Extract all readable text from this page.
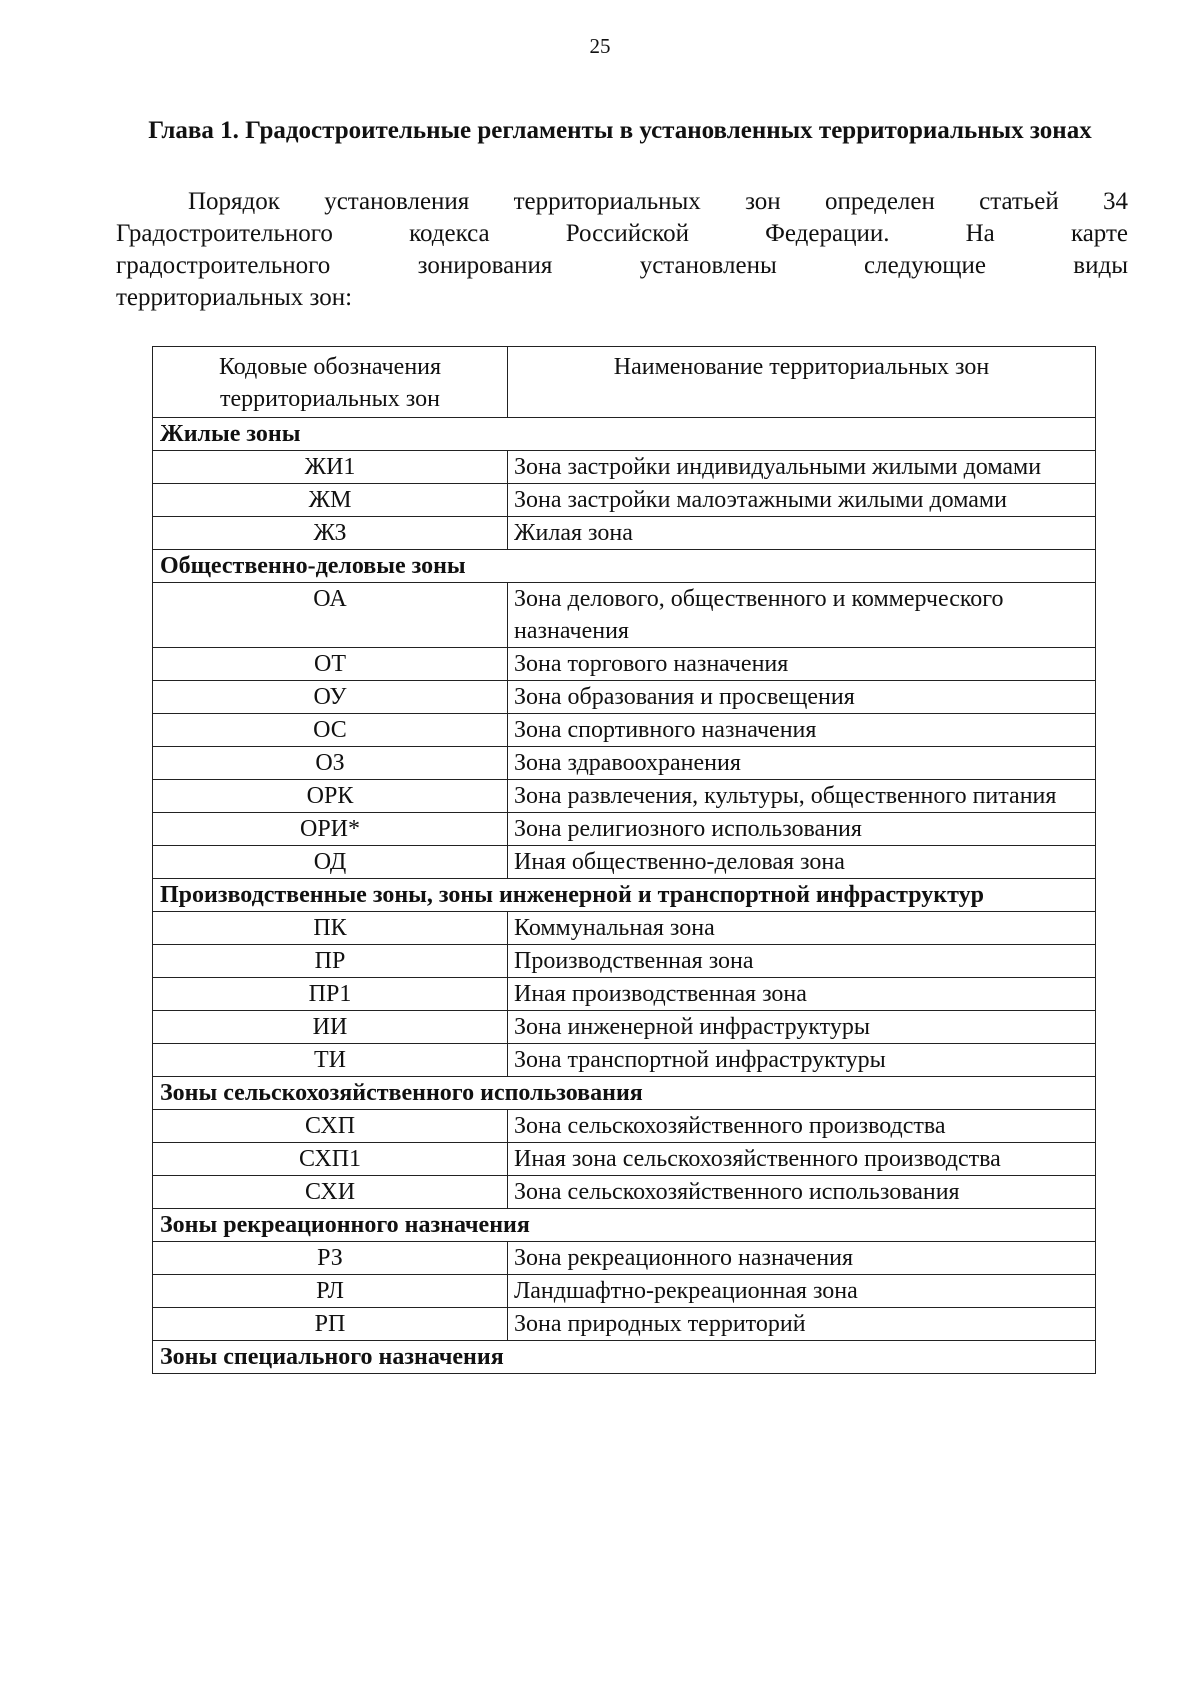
25
Глава 1. Градостроительные регламенты в установленных территориальных зонах
Порядок установления территориальных зон определен статьей 34
Градостроительного кодекса Российской Федерации. На карте
градостроительного зонирования установлены следующие виды
территориальных зон:
Кодовые обозначения территориальных зон	Наименование территориальных зон
Жилые зоны	
ЖИ1	Зона застройки индивидуальными жилыми домами
ЖМ	Зона застройки малоэтажными жилыми домами
ЖЗ	Жилая зона
Общественно-деловые зоны	
ОА	Зона делового, общественного и коммерческого назначения
ОТ	Зона торгового назначения
ОУ	Зона образования и просвещения
ОС	Зона спортивного назначения
ОЗ	Зона здравоохранения
ОРК	Зона развлечения, культуры, общественного питания
ОРИ*	Зона религиозного использования
ОД	Иная общественно-деловая зона
Производственные зоны, зоны инженерной и транспортной инфраструктур	
ПК	Коммунальная зона
ПР	Производственная зона
ПР1	Иная производственная зона
ИИ	Зона инженерной инфраструктуры
ТИ	Зона транспортной инфраструктуры
Зоны сельскохозяйственного использования	
СХП	Зона сельскохозяйственного производства
СХП1	Иная зона сельскохозяйственного производства
СХИ	Зона сельскохозяйственного использования
Зоны рекреационного назначения	
РЗ	Зона рекреационного назначения
РЛ	Ландшафтно-рекреационная зона
РП	Зона природных территорий
Зоны специального назначения	
